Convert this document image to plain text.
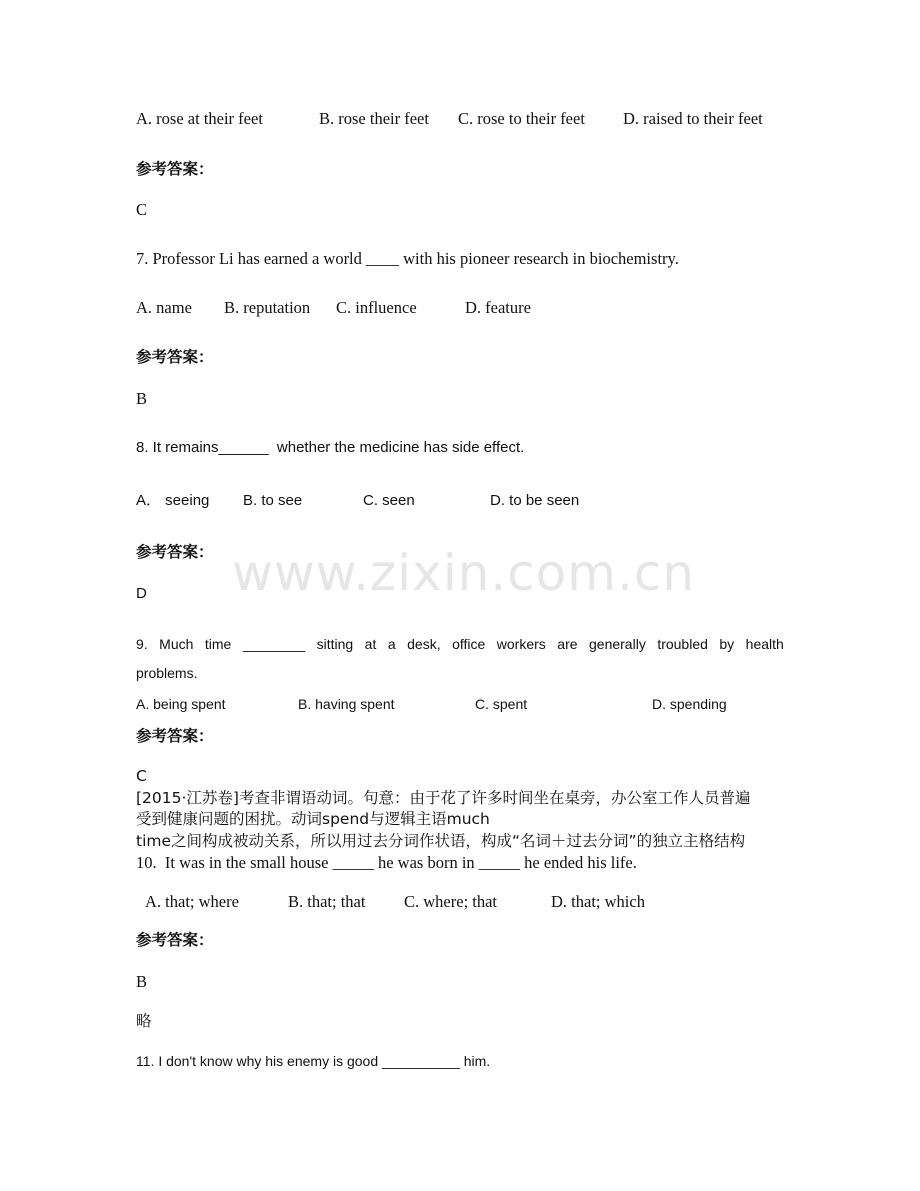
www.zixin.com.cn
A. rose at their feet	B. rose their feet C. rose to their feet D. raised to their feet
参考答案：
C
7. Professor Li has earned a world ____ with his pioneer research in biochemistry.
A. name B. reputation C. influence	D. feature
参考答案：
B
8. It remains______  whether the medicine has side effect.
A． seeing B. to see	C. seen	D. to be seen
参考答案：
D
9. Much time ________ sitting at a desk, office workers are generally troubled by health
problems.
A. being spent	B. having spent	C. spent	D. spending
参考答案：
C
[2015·江苏卷]考查非谓语动词。句意：由于花了许多时间坐在桌旁，办公室工作人员普遍
受到健康问题的困扰。动词spend与逻辑主语much
time之间构成被动关系，所以用过去分词作状语，构成“名词＋过去分词”的独立主格结构
10.  It was in the small house _____ he was born in _____ he ended his life.
A. that; where	B. that; that C. where; that	D. that; which
参考答案：
B
略
11. I don't know why his enemy is good __________ him.
